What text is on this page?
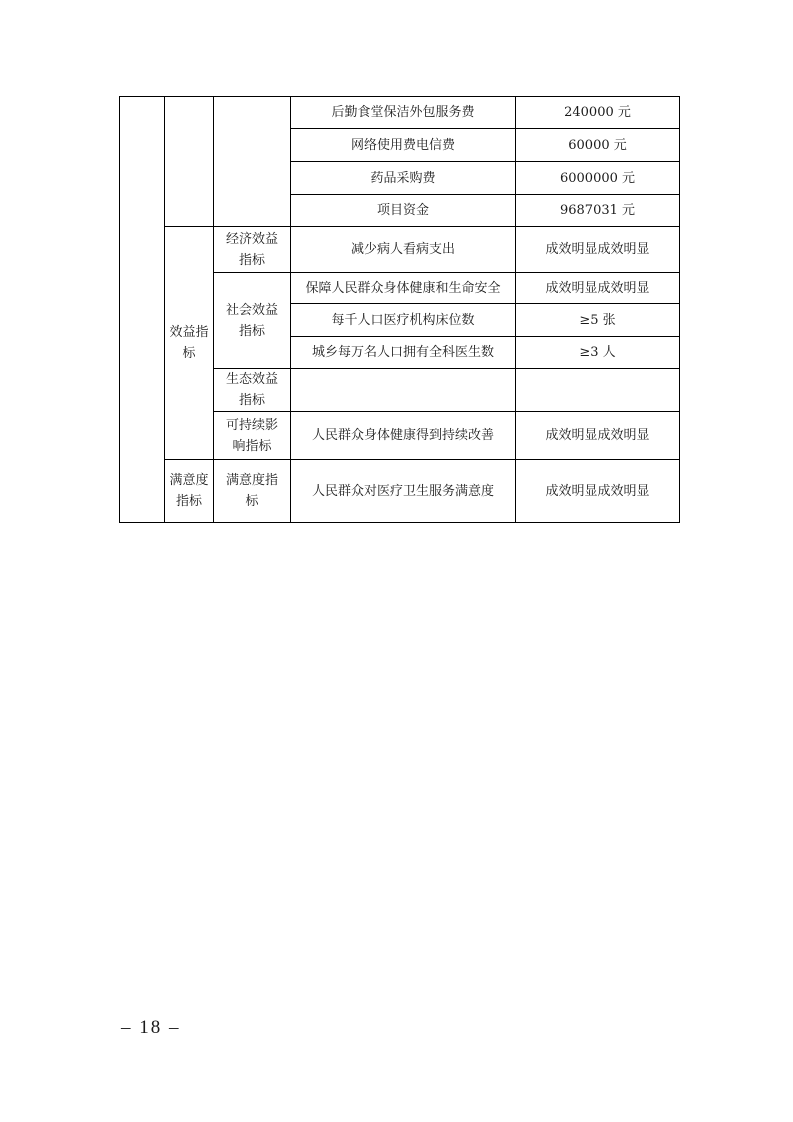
			后勤食堂保洁外包服务费	240000 元
			网络使用费电信费	60000 元
			药品采购费	6000000 元
			项目资金	9687031 元

	效益指标	经济效益指标	减少病人看病支出	成效明显成效明显

		社会效益指标	保障人民群众身体健康和生命安全	成效明显成效明显
			每千人口医疗机构床位数	≥5 张
			城乡每万名人口拥有全科医生数	≥3 人

		生态效益指标		

		可持续影响指标	人民群众身体健康得到持续改善	成效明显成效明显

	满意度指标	满意度指标	人民群众对医疗卫生服务满意度	成效明显成效明显
– 18 –
